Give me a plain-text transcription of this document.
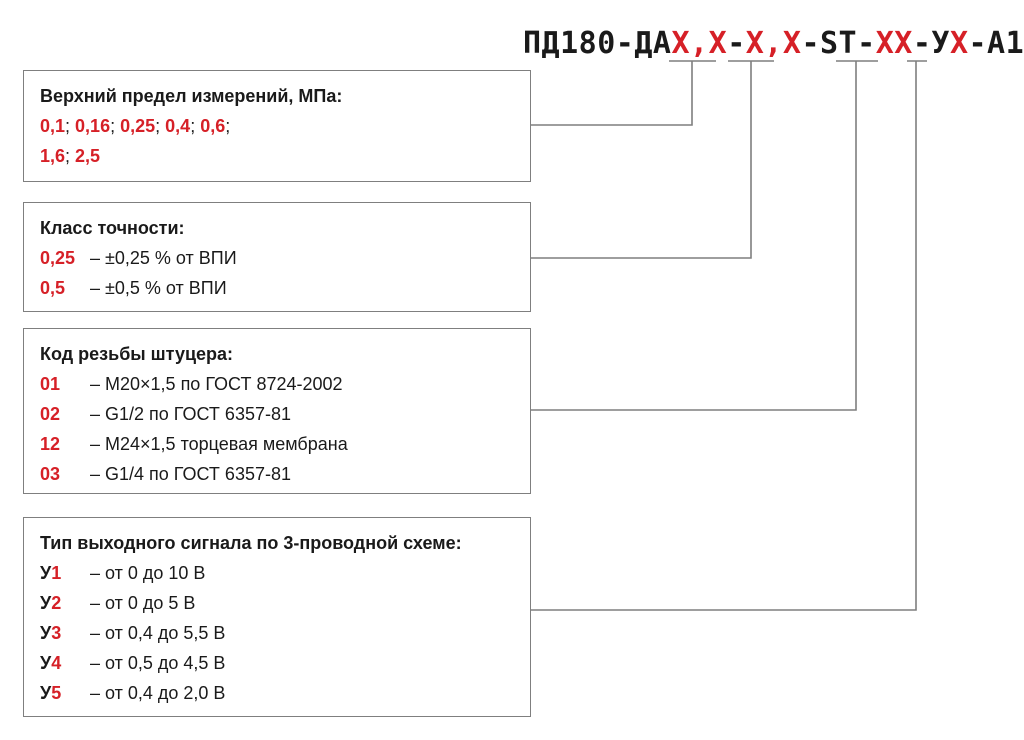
ПД180-ДАX,X-X,X-ST-XX-УX-А1
Верхний предел измерений, МПа:
0,1; 0,16; 0,25; 0,4; 0,6;
1,6; 2,5
Класс точности:
0,25 – ±0,25 % от ВПИ
0,5 – ±0,5 % от ВПИ
Код резьбы штуцера:
01 – М20×1,5 по ГОСТ 8724-2002
02 – G1/2 по ГОСТ 6357-81
12 – М24×1,5 торцевая мембрана
03 – G1/4 по ГОСТ 6357-81
Тип выходного сигнала по 3-проводной схеме:
У1 – от 0 до 10 В
У2 – от 0 до 5 В
У3 – от 0,4 до 5,5 В
У4 – от 0,5 до 4,5 В
У5 – от 0,4 до 2,0 В
